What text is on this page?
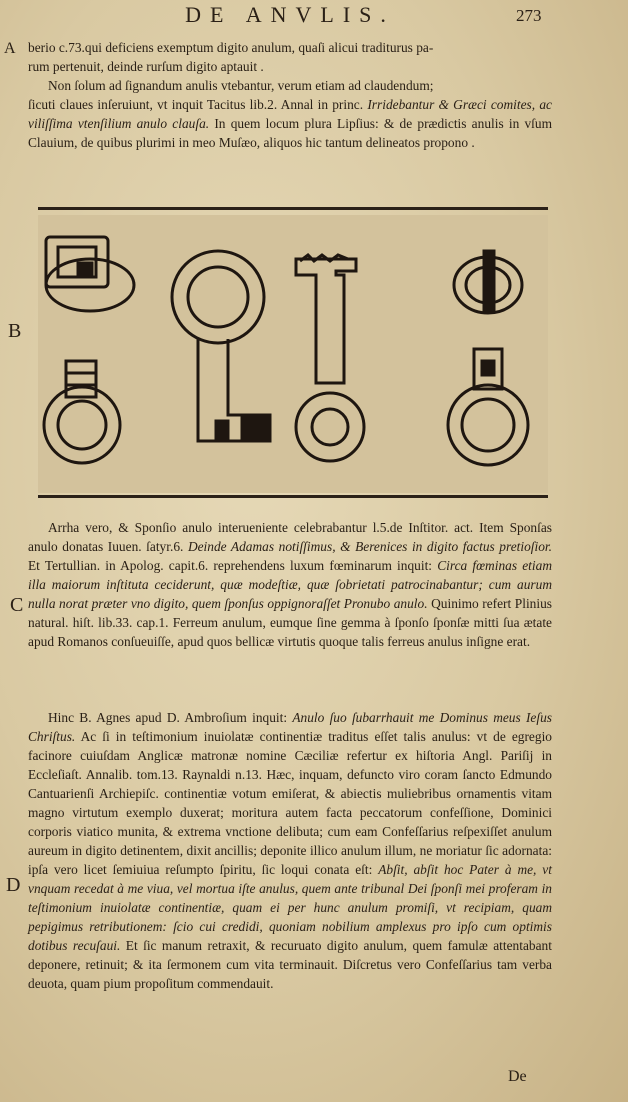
DE ANVLIS.	273
A
B
C
D

berio c.73.qui deficiens exemptum digito anulum, quaſi alicui traditurus pa-

rum pertenuit, deinde rurſum digito aptauit .

Non ſolum ad ſignandum anulis vtebantur, verum etiam ad claudendum;

ſicuti claues inſeruiunt, vt inquit Tacitus lib.2. Annal in princ. Irridebantur & Græci comites, ac viliſſima vtenſilium anulo clauſa. In quem locum plura Lipſius: & de prædictis anulis in vſum Clauium, de quibus plurimi in meo Muſæo, aliquos hic tantum delineatos propono .

Arrha vero, & Sponſio anulo interueniente celebrabantur l.5.de Inſtitor. act. Item Sponſas anulo donatas Iuuen. ſatyr.6. Deinde Adamas notiſſimus, & Berenices in digito factus pretioſior. Et Tertullian. in Apolog. capit.6. reprehendens luxum fœminarum inquit: Circa fœminas etiam illa maiorum inſtituta ceciderunt, quæ modeſtiæ, quæ ſobrietati patrocinabantur; cum aurum nulla norat præter vno digito, quem ſponſus oppignoraſſet Pronubo anulo. Quinimo refert Plinius natural. hiſt. lib.33. cap.1. Ferreum anulum, eumque ſine gemma à ſponſo ſponſæ mitti ſua ætate apud Romanos conſueuiſſe, apud quos bellicæ virtutis quoque talis ferreus anulus inſigne erat.

Hinc B. Agnes apud D. Ambroſium inquit: Anulo ſuo ſubarrhauit me Dominus meus Ieſus Chriſtus. Ac ſi in teſtimonium inuiolatæ continentiæ traditus eſſet talis anulus: vt de egregio facinore cuiuſdam Anglicæ matronæ nomine Cæciliæ refertur ex hiſtoria Angl. Pariſij in Eccleſiaſt. Annalib. tom.13. Raynaldi n.13. Hæc, inquam, defuncto viro coram ſancto Edmundo Cantuarienſi Archiepiſc. continentiæ votum emiſerat, & abiectis muliebribus ornamentis vitam magno virtutum exemplo duxerat; moritura autem facta peccatorum confeſſione, Dominici corporis viatico munita, & extrema vnctione delibuta; cum eam Confeſſarius reſpexiſſet anulum aureum in digito detinentem, dixit ancillis; deponite illico anulum illum, ne moriatur ſic adornata: ipſa vero licet ſemiuiua reſumpto ſpiritu, ſic loqui conata eſt: Abſit, abſit hoc Pater à me, vt vnquam recedat à me viua, vel mortua iſte anulus, quem ante tribunal Dei ſponſi mei proferam in teſtimonium inuiolatæ continentiæ, quam ei per hunc anulum promiſi, vt recipiam, quam pepigimus retributionem: ſcio cui credidi, quoniam nobilium amplexus pro ipſo cum optimis dotibus recuſaui. Et ſic manum retraxit, & recuruato digito anulum, quem famulæ attentabant deponere, retinuit; & ita ſermonem cum vita terminauit. Diſcretus vero Confeſſarius tam verba deuota, quam pium propoſitum commendauit.

De
